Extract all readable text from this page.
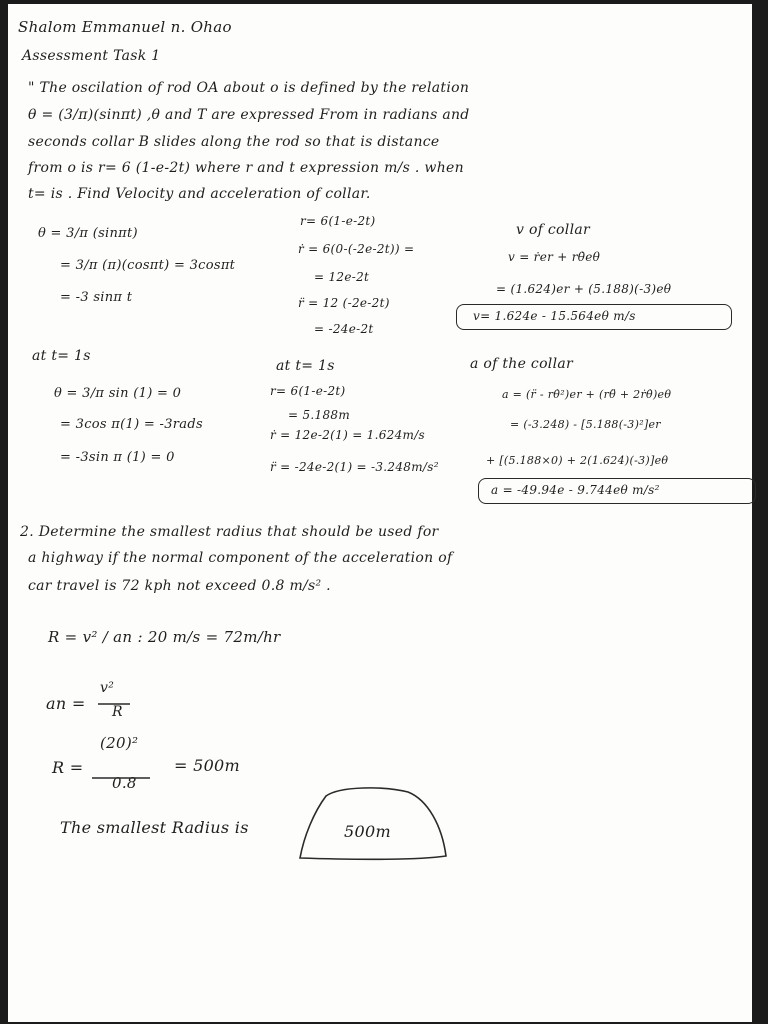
Shalom Emmanuel n. Ohao
Assessment Task 1
" The oscilation of rod OA about o is defined by the relation
θ = (3/π)(sinπt) ,θ and T are expressed From in radians and
seconds collar B slides along the rod so that is distance
from o is r= 6 (1-e-2t) where r and t expression m/s . when
t= is . Find Velocity and acceleration of collar.
θ = 3/π (sinπt)
= 3/π (π)(cosπt) = 3cosπt
= -3 sinπ t
at t= 1s
θ = 3/π sin (1) = 0
= 3cos π(1) = -3rads
= -3sin π (1) = 0
r= 6(1-e-2t)
ṙ = 6(0-(-2e-2t)) =
= 12e-2t
r̈ = 12 (-2e-2t)
= -24e-2t
at t= 1s
r= 6(1-e-2t)
= 5.188m
ṙ = 12e-2(1) = 1.624m/s
r̈ = -24e-2(1) = -3.248m/s²
v of collar
v = ṙer + rθ̇eθ
= (1.624)er + (5.188)(-3)eθ
v= 1.624e - 15.564eθ m/s
a of the collar
a = (r̈ - rθ̇²)er + (rθ̈ + 2ṙθ̇)eθ
= (-3.248) - [5.188(-3)²]er
+ [(5.188×0) + 2(1.624)(-3)]eθ
a = -49.94e - 9.744eθ m/s²
2. Determine the smallest radius that should be used for
a highway if the normal component of the acceleration of
car travel is 72 kph not exceed 0.8 m/s² .
R = v² / an : 20 m/s = 72m/hr
an =
v²
R
R =
(20)²
0.8
= 500m
The smallest Radius is	500m
